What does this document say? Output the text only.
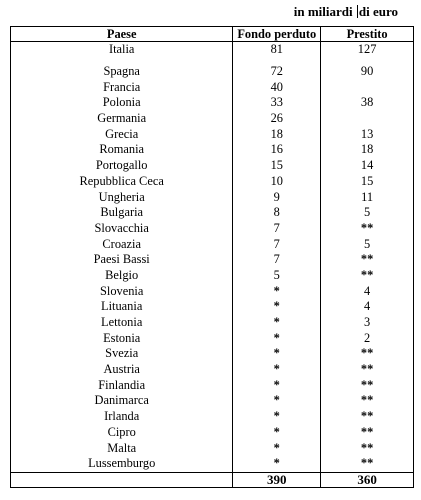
in miliardi di euro
Paese	Fondo perduto	Prestito
Italia	81	127
Spagna	72	90
Francia	40	
Polonia	33	38
Germania	26	
Grecia	18	13
Romania	16	18
Portogallo	15	14
Repubblica Ceca	10	15
Ungheria	9	11
Bulgaria	8	5
Slovacchia	7	**
Croazia	7	5
Paesi Bassi	7	**
Belgio	5	**
Slovenia	*	4
Lituania	*	4
Lettonia	*	3
Estonia	*	2
Svezia	*	**
Austria	*	**
Finlandia	*	**
Danimarca	*	**
Irlanda	*	**
Cipro	*	**
Malta	*	**
Lussemburgo	*	**
	390	360
